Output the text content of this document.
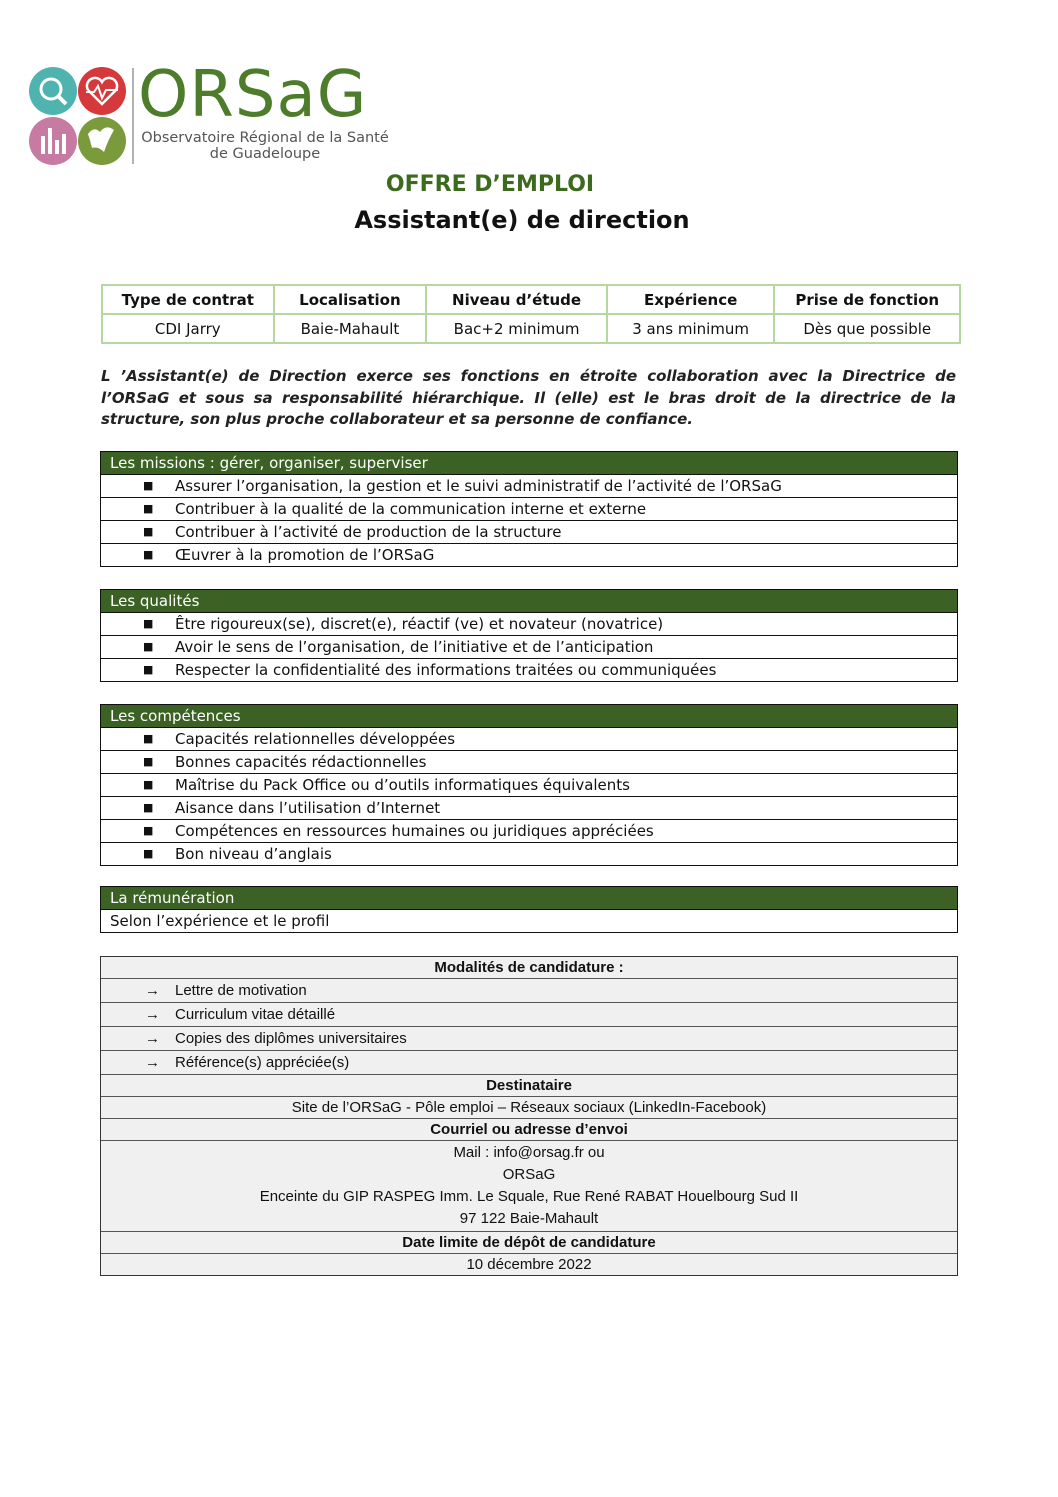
ORSaG
Observatoire Régional de la Santé
de Guadeloupe
OFFRE D’EMPLOI
Assistant(e) de direction
Type de contrat	Localisation	Niveau d’étude	Expérience	Prise de fonction
CDI Jarry	Baie-Mahault	Bac+2 minimum	3 ans minimum	Dès que possible
L ’Assistant(e) de Direction exerce ses fonctions en étroite collaboration avec la Directrice de l’ORSaG et sous sa responsabilité hiérarchique. Il (elle) est le bras droit de la directrice de la structure, son plus proche collaborateur et sa personne de confiance.
Les missions : gérer, organiser, superviser
■ Assurer l’organisation, la gestion et le suivi administratif de l’activité de l’ORSaG
■ Contribuer à la qualité de la communication interne et externe
■ Contribuer à l’activité de production de la structure
■ Œuvrer à la promotion de l’ORSaG
Les qualités
■ Être rigoureux(se), discret(e), réactif (ve) et novateur (novatrice)
■ Avoir le sens de l’organisation, de l’initiative et de l’anticipation
■ Respecter la confidentialité des informations traitées ou communiquées
Les compétences
■ Capacités relationnelles développées
■ Bonnes capacités rédactionnelles
■ Maîtrise du Pack Office ou d’outils informatiques équivalents
■ Aisance dans l’utilisation d’Internet
■ Compétences en ressources humaines ou juridiques appréciées
■ Bon niveau d’anglais
La rémunération
Selon l’expérience et le profil
Modalités de candidature :
→ Lettre de motivation
→ Curriculum vitae détaillé
→ Copies des diplômes universitaires
→ Référence(s) appréciée(s)
Destinataire
Site de l’ORSaG - Pôle emploi – Réseaux sociaux (LinkedIn-Facebook)
Courriel ou adresse d’envoi
Mail : info@orsag.fr ou
ORSaG
Enceinte du GIP RASPEG Imm. Le Squale, Rue René RABAT Houelbourg Sud II
97 122 Baie-Mahault
Date limite de dépôt de candidature
10 décembre 2022
